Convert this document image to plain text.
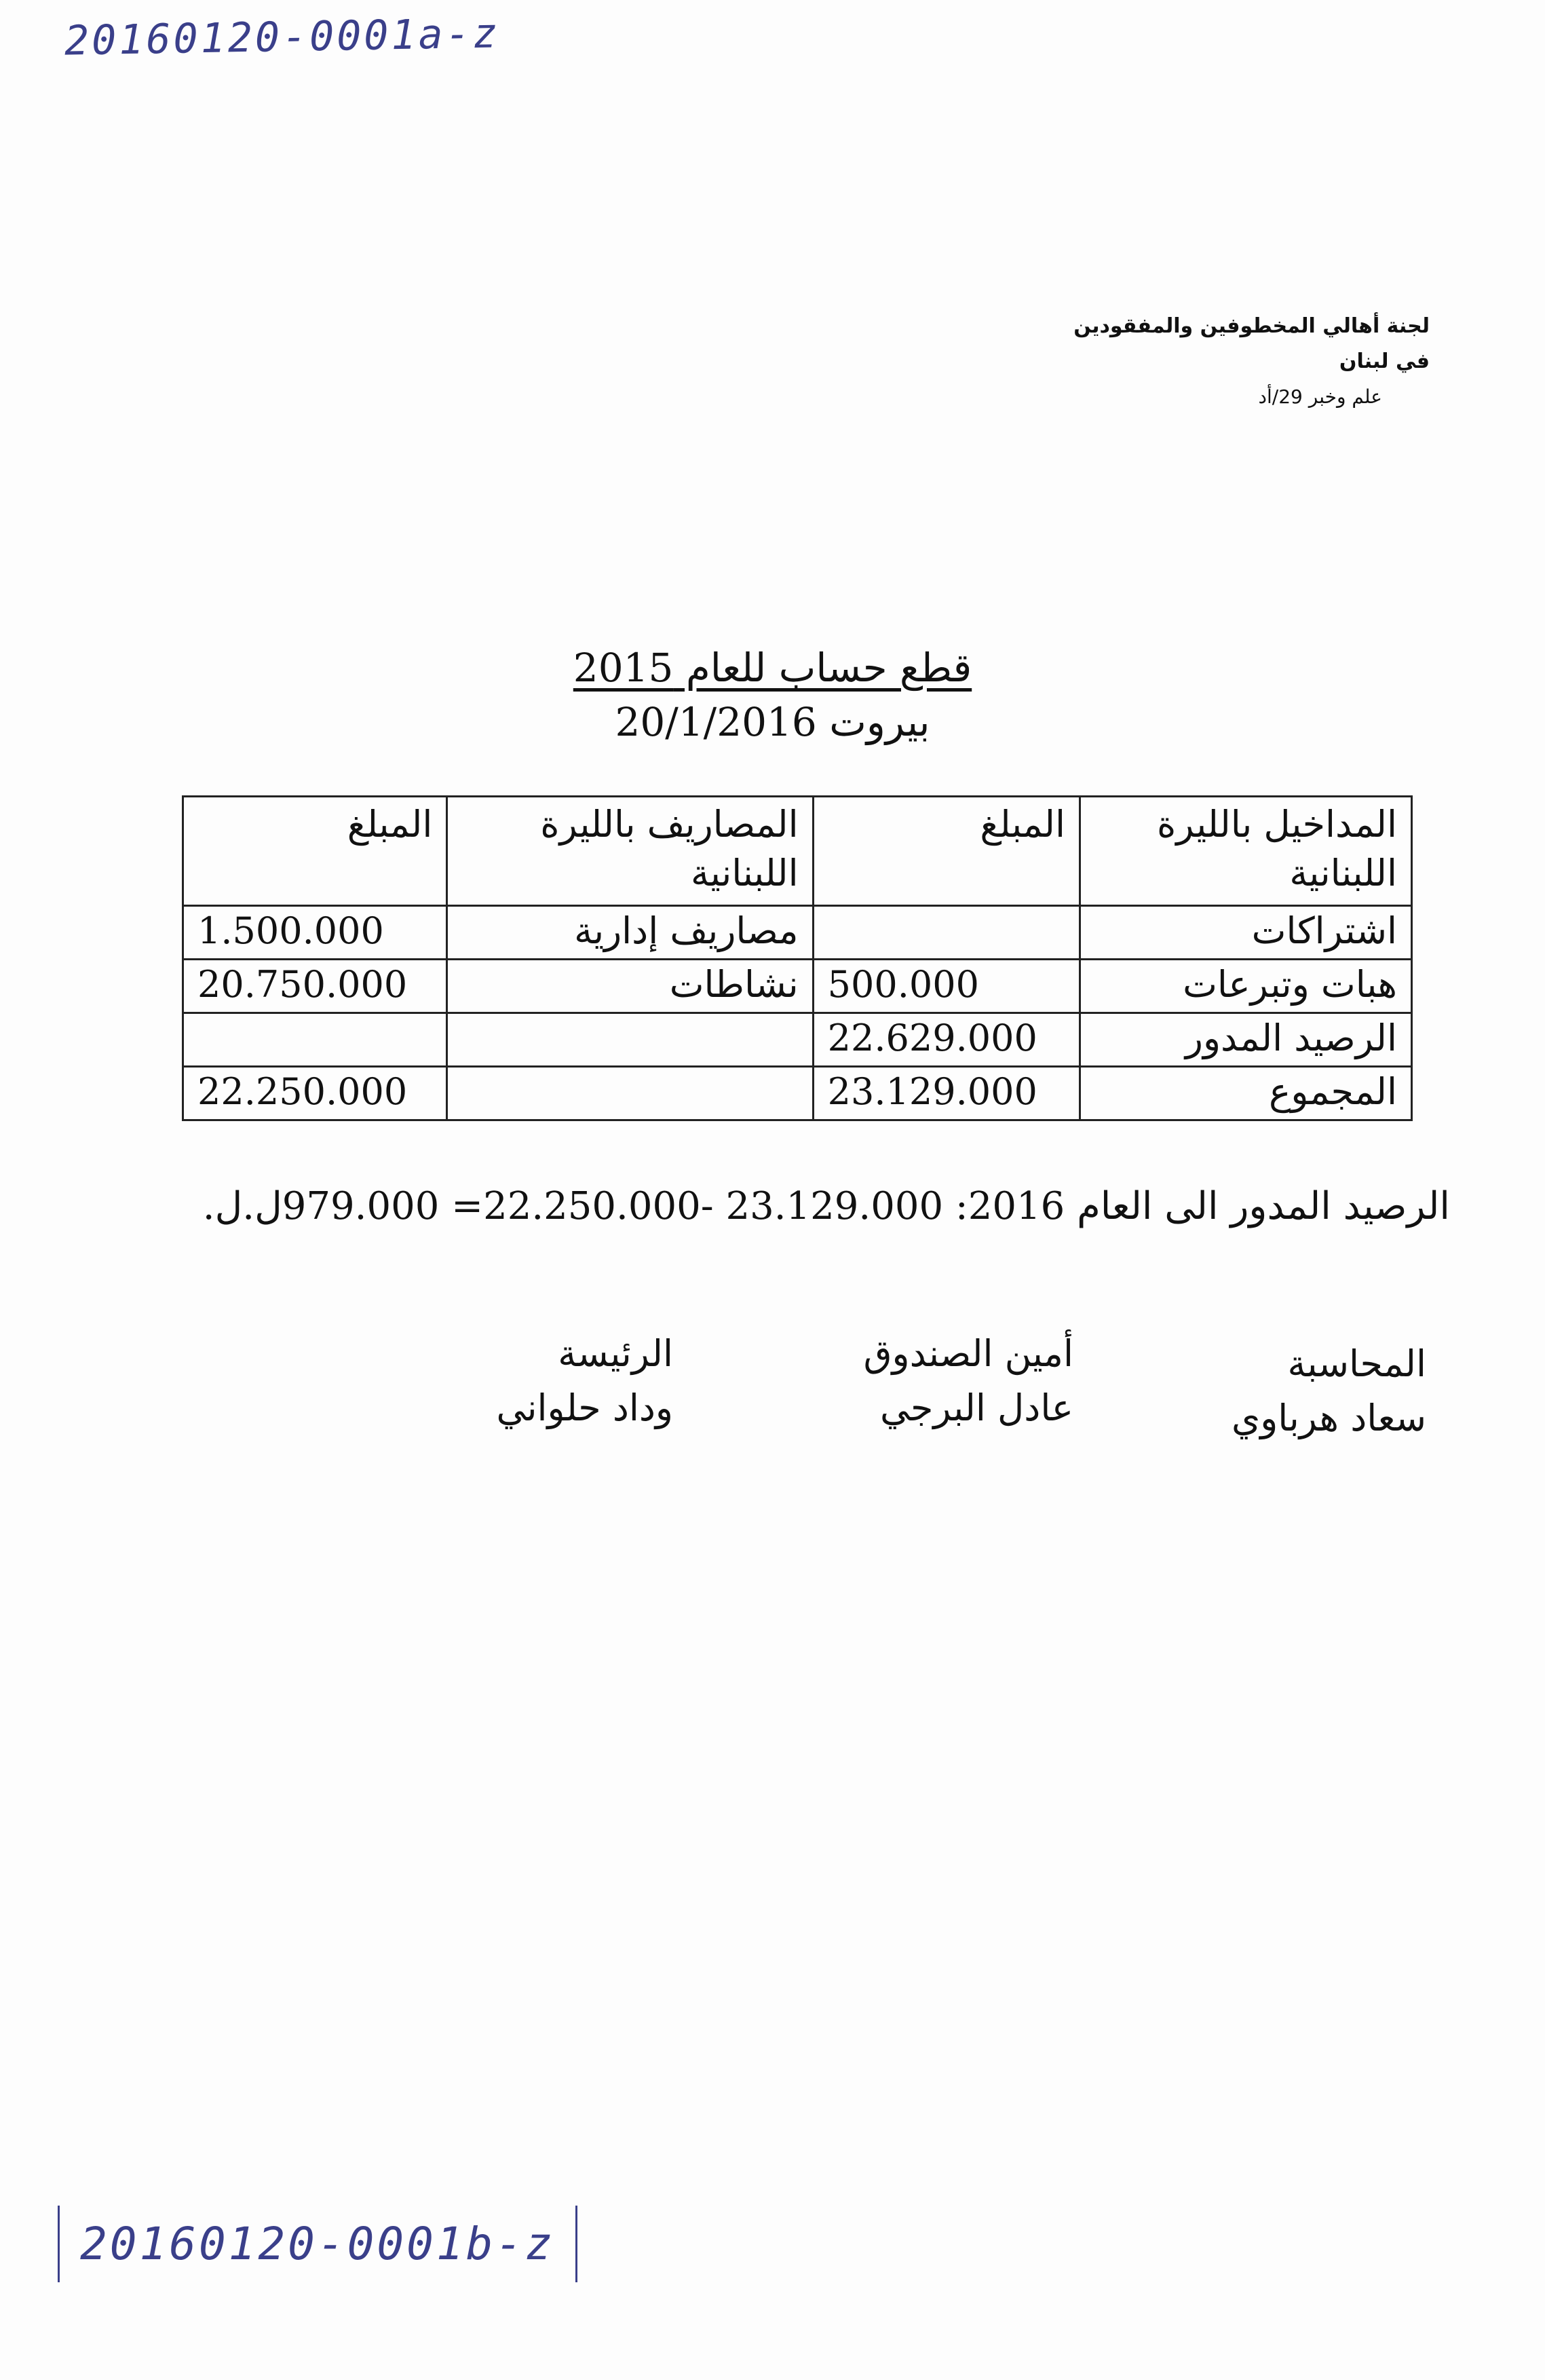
20160120-0001a-z
لجنة أهالي المخطوفين والمفقودين
في لبنان
علم وخبر 29/أد
قطع حساب للعام 2015
بيروت 20/1/2016
المداخيل بالليرة اللبنانية	المبلغ	المصاريف بالليرة اللبنانية	المبلغ
اشتراكات		مصاريف إدارية	1.500.000
هبات وتبرعات	500.000	نشاطات	20.750.000
الرصيد المدور	22.629.000		
المجموع	23.129.000		22.250.000
الرصيد المدور الى العام 2016: 23.129.000 -22.250.000= 979.000ل.ل.
المحاسبة
سعاد هرباوي
أمين الصندوق
عادل البرجي
الرئيسة
وداد حلواني
20160120-0001b-z
